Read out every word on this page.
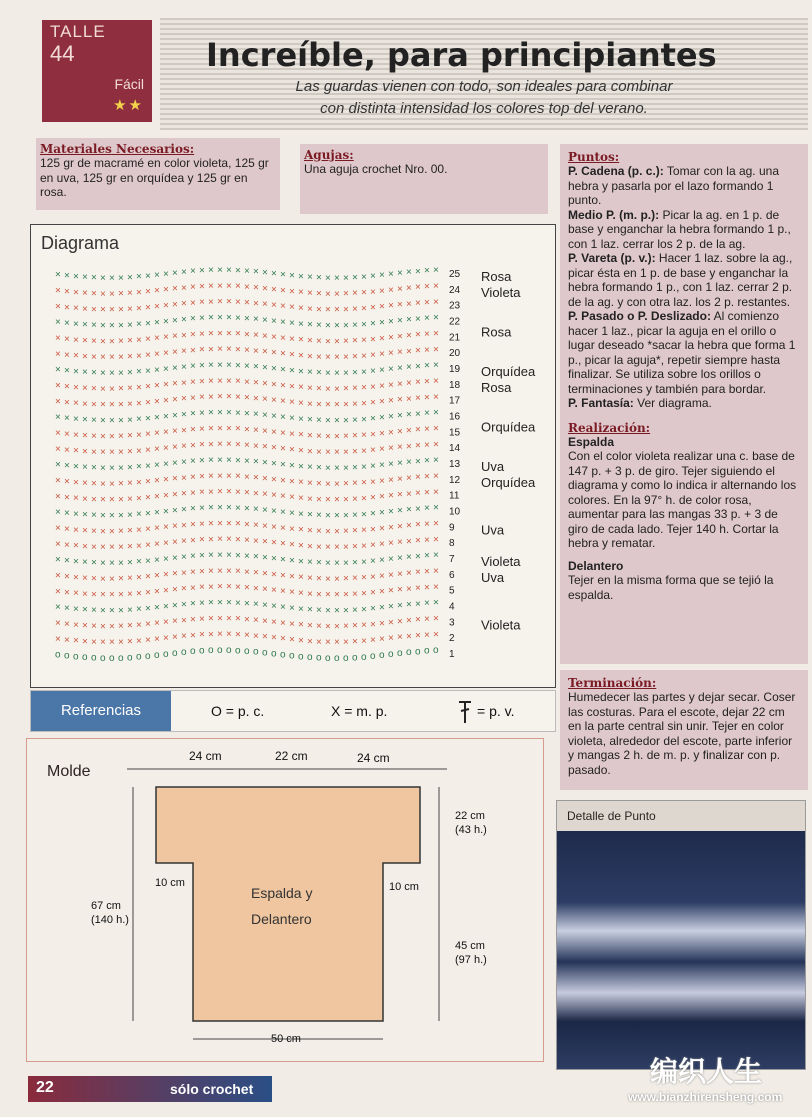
TALLE
44
Fácil
★★
Increíble, para principiantes
Las guardas vienen con todo, son ideales para combinar
con distinta intensidad los colores top del verano.
Materiales Necesarios:
125 gr de macramé en color violeta, 125 gr en uva, 125 gr en orquídea y 125 gr en rosa.
Agujas:
Una aguja crochet Nro. 00.
Puntos:
P. Cadena (p. c.): Tomar con la ag. una hebra y pasarla por el lazo formando 1 punto.
Medio P. (m. p.): Picar la ag. en 1 p. de base y enganchar la hebra formando 1 p., con 1 laz. cerrar los 2 p. de la ag.
P. Vareta (p. v.): Hacer 1 laz. sobre la ag., picar ésta en 1 p. de base y enganchar la hebra formando 1 p., con 1 laz. cerrar 2 p. de la ag. y con otra laz. los 2 p. restantes.
P. Pasado o P. Deslizado: Al comienzo hacer 1 laz., picar la aguja en el orillo o lugar deseado *sacar la hebra que forma 1 p., picar la aguja*, repetir siempre hasta finalizar. Se utiliza sobre los orillos o terminaciones y también para bordar.
P. Fantasía: Ver diagrama.
Realización:
Espalda
Con el color violeta realizar una c. base de 147 p. + 3 p. de giro. Tejer siguiendo el diagrama y como lo indica ir alternando los colores. En la 97° h. de color rosa, aumentar para las mangas 33 p. + 3 de giro de cada lado. Tejer 140 h. Cortar la hebra y rematar.
Delantero
Tejer en la misma forma que se tejió la espalda.
Terminación:
Humedecer las partes y dejar secar. Coser las costuras. Para el escote, dejar 22 cm en la parte central sin unir. Tejer en color violeta, alrededor del escote, parte inferior y mangas 2 h. de m. p. y finalizar con p. pasado.
Diagrama
o o o o o o o o o o o o o o o o o o o o o o o o o o o o o o o o o o o o o o o o o o o
× × × × × × × × × × × × × × × × × × × × × × × × × × × × × × × × × × × × × × × × × × ×
× × × × × × × × × × × × × × × × × × × × × × × × × × × × × × × × × × × × × × × × × × ×
× × × × × × × × × × × × × × × × × × × × × × × × × × × × × × × × × × × × × × × × × × ×
× × × × × × × × × × × × × × × × × × × × × × × × × × × × × × × × × × × × × × × × × × ×
× × × × × × × × × × × × × × × × × × × × × × × × × × × × × × × × × × × × × × × × × × ×
× × × × × × × × × × × × × × × × × × × × × × × × × × × × × × × × × × × × × × × × × × ×
× × × × × × × × × × × × × × × × × × × × × × × × × × × × × × × × × × × × × × × × × × ×
× × × × × × × × × × × × × × × × × × × × × × × × × × × × × × × × × × × × × × × × × × ×
× × × × × × × × × × × × × × × × × × × × × × × × × × × × × × × × × × × × × × × × × × ×
× × × × × × × × × × × × × × × × × × × × × × × × × × × × × × × × × × × × × × × × × × ×
× × × × × × × × × × × × × × × × × × × × × × × × × × × × × × × × × × × × × × × × × × ×
× × × × × × × × × × × × × × × × × × × × × × × × × × × × × × × × × × × × × × × × × × ×
× × × × × × × × × × × × × × × × × × × × × × × × × × × × × × × × × × × × × × × × × × ×
× × × × × × × × × × × × × × × × × × × × × × × × × × × × × × × × × × × × × × × × × × ×
× × × × × × × × × × × × × × × × × × × × × × × × × × × × × × × × × × × × × × × × × × ×
× × × × × × × × × × × × × × × × × × × × × × × × × × × × × × × × × × × × × × × × × × ×
× × × × × × × × × × × × × × × × × × × × × × × × × × × × × × × × × × × × × × × × × × ×
× × × × × × × × × × × × × × × × × × × × × × × × × × × × × × × × × × × × × × × × × × ×
× × × × × × × × × × × × × × × × × × × × × × × × × × × × × × × × × × × × × × × × × × ×
× × × × × × × × × × × × × × × × × × × × × × × × × × × × × × × × × × × × × × × × × × ×
× × × × × × × × × × × × × × × × × × × × × × × × × × × × × × × × × × × × × × × × × × ×
× × × × × × × × × × × × × × × × × × × × × × × × × × × × × × × × × × × × × × × × × × ×
× × × × × × × × × × × × × × × × × × × × × × × × × × × × × × × × × × × × × × × × × × ×
× × × × × × × × × × × × × × × × × × × × × × × × × × × × × × × × × × × × × × × × × × ×
1
2
3
4
5
6
7
8
9
10
11
12
13
14
15
16
17
18
19
20
21
22
23
24
25 Rosa
Violeta
Rosa
Orquídea
Rosa
Orquídea
Uva
Orquídea
Uva
Violeta
Uva
Violeta
Referencias	O = p. c.	X = m. p.	= p. v.
Molde
24 cm	22 cm	24 cm
22 cm (43 h.)
45 cm (97 h.)
67 cm (140 h.)
10 cm	10 cm
Espalda y
Delantero
50 cm
Detalle de Punto
22	sólo crochet
编织人生
www.bianzhirensheng.com
